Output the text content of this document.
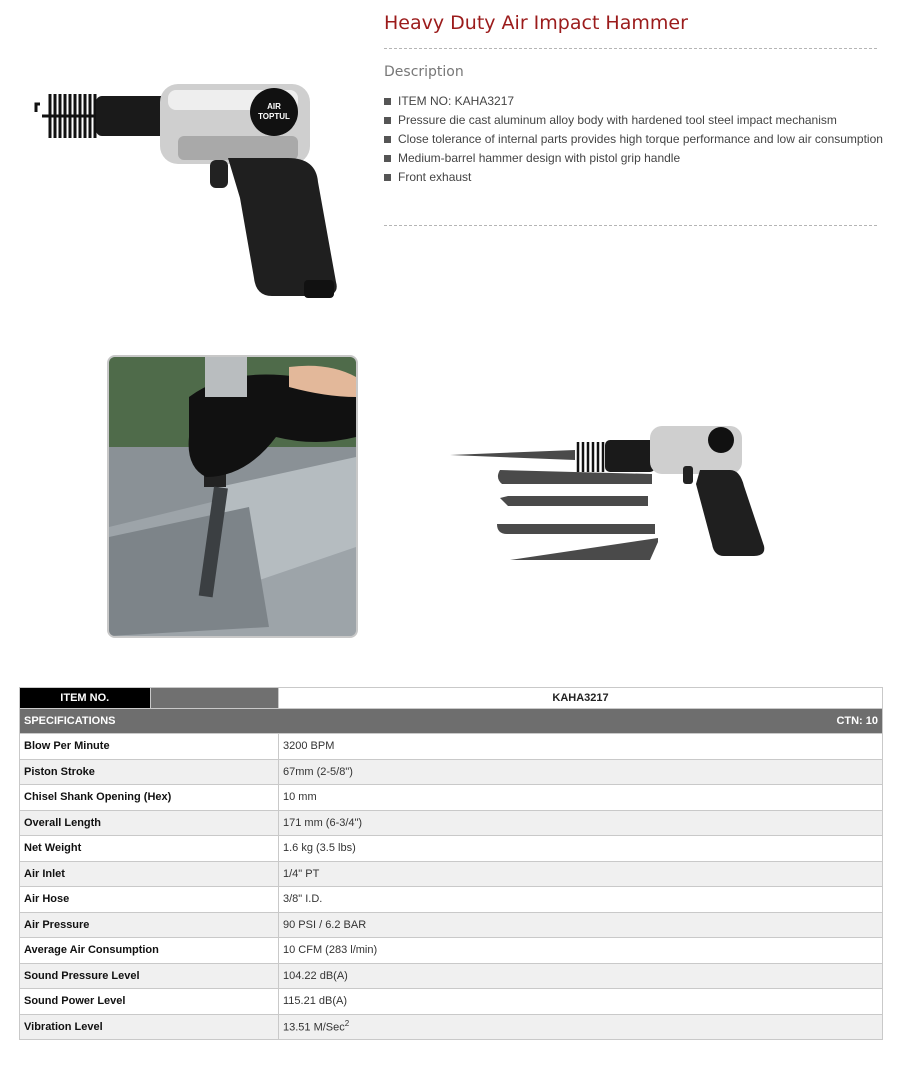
Heavy Duty Air Impact Hammer
Description
ITEM NO: KAHA3217
Pressure die cast aluminum alloy body with hardened tool steel impact mechanism
Close tolerance of internal parts provides high torque performance and low air consumption
Medium-barrel hammer design with pistol grip handle
Front exhaust
AIR
TOPTUL
ITEM NO.		KAHA3217
SPECIFICATIONS CTN: 10		

Blow Per Minute		3200 BPM
Piston Stroke		67mm (2-5/8")
Chisel Shank Opening (Hex)		10 mm
Overall Length		171 mm (6-3/4")
Net Weight		1.6 kg (3.5 lbs)
Air Inlet		1/4" PT
Air Hose		3/8" I.D.
Air Pressure		90 PSI / 6.2 BAR
Average Air Consumption		10 CFM (283 l/min)
Sound Pressure Level		104.22 dB(A)
Sound Power Level		115.21 dB(A)
Vibration Level		13.51 M/Sec$^2$
